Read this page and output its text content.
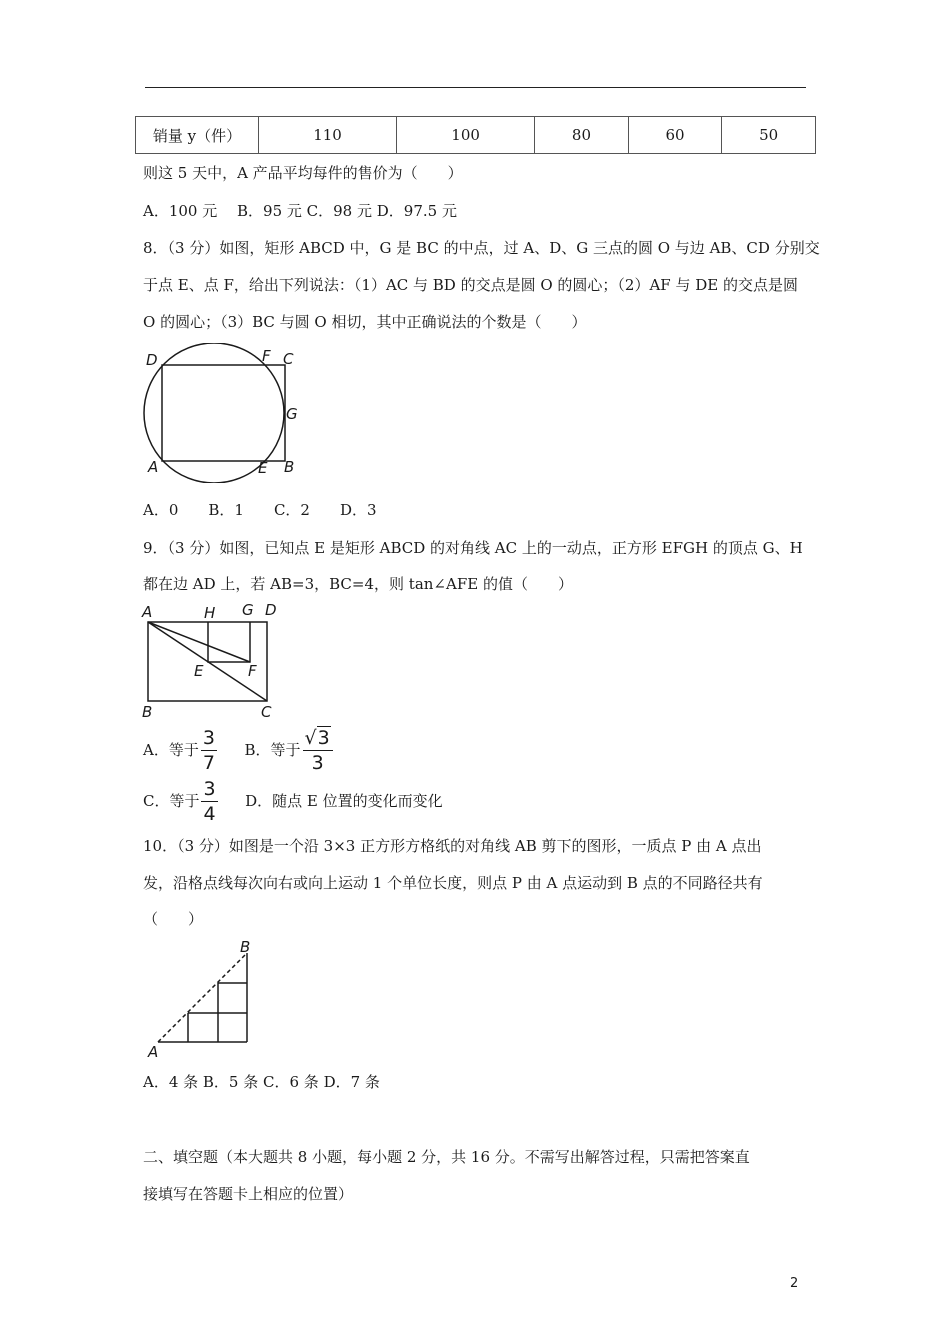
销量 y（件）	110	100	80	60	50
则这 5 天中，A 产品平均每件的售价为（　　）
A．100 元　 B．95 元 C．98 元 D．97.5 元
8．（3 分）如图，矩形 ABCD 中，G 是 BC 的中点，过 A、D、G 三点的圆 O 与边 AB、CD 分别交
于点 E、点 F，给出下列说法：（1）AC 与 BD 的交点是圆 O 的圆心；（2）AF 与 DE 的交点是圆
O 的圆心；（3）BC 与圆 O 相切，其中正确说法的个数是（　　）
D	F C
G
A	E B
A．0　　B．1　　C．2　　D．3
9．（3 分）如图，已知点 E 是矩形 ABCD 的对角线 AC 上的一动点，正方形 EFGH 的顶点 G、H
都在边 AD 上，若 AB=3，BC=4，则 tan∠AFE 的值（　　）
A	H G D
E	F
B	C
A．等于 $\frac{3}{7}$ B．等于 $\frac{√3}{3}$
C．等于 $\frac{3}{4}$ D．随点 E 位置的变化而变化
10．（3 分）如图是一个沿 3×3 正方形方格纸的对角线 AB 剪下的图形，一质点 P 由 A 点出
发，沿格点线每次向右或向上运动 1 个单位长度，则点 P 由 A 点运动到 B 点的不同路径共有
（　　）
A
B
A．4 条 B．5 条 C．6 条 D．7 条
二、填空题（本大题共 8 小题，每小题 2 分，共 16 分。不需写出解答过程，只需把答案直
接填写在答题卡上相应的位置）
2
